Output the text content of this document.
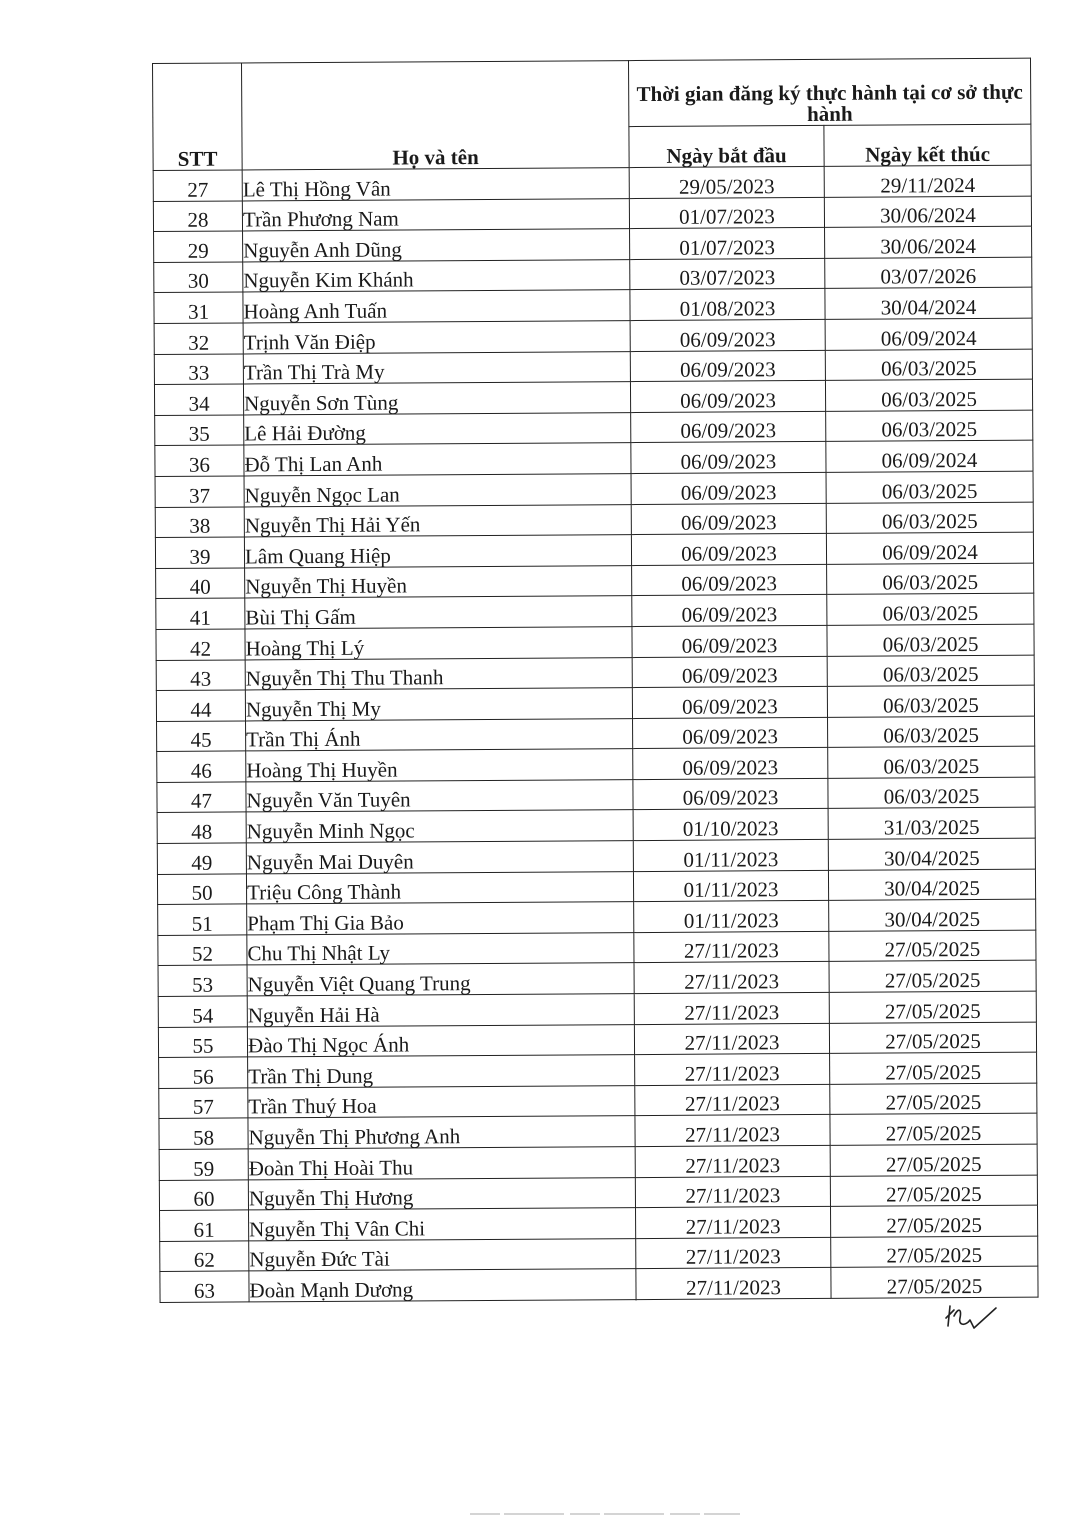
STT	Họ và tên	Thời gian đăng ký thực hành tại cơ sở thực hành	
		Ngày bắt đầu	Ngày kết thúc
27	Lê Thị Hồng Vân	29/05/2023	29/11/2024
28	Trần Phương Nam	01/07/2023	30/06/2024
29	Nguyễn Anh Dũng	01/07/2023	30/06/2024
30	Nguyễn Kim Khánh	03/07/2023	03/07/2026
31	Hoàng Anh Tuấn	01/08/2023	30/04/2024
32	Trịnh Văn Điệp	06/09/2023	06/09/2024
33	Trần Thị Trà My	06/09/2023	06/03/2025
34	Nguyễn Sơn Tùng	06/09/2023	06/03/2025
35	Lê Hải Đường	06/09/2023	06/03/2025
36	Đỗ Thị Lan Anh	06/09/2023	06/09/2024
37	Nguyễn Ngọc Lan	06/09/2023	06/03/2025
38	Nguyễn Thị Hải Yến	06/09/2023	06/03/2025
39	Lâm Quang Hiệp	06/09/2023	06/09/2024
40	Nguyễn Thị Huyền	06/09/2023	06/03/2025
41	Bùi Thị Gấm	06/09/2023	06/03/2025
42	Hoàng Thị Lý	06/09/2023	06/03/2025
43	Nguyễn Thị Thu Thanh	06/09/2023	06/03/2025
44	Nguyễn Thị My	06/09/2023	06/03/2025
45	Trần Thị Ánh	06/09/2023	06/03/2025
46	Hoàng Thị Huyền	06/09/2023	06/03/2025
47	Nguyễn Văn Tuyên	06/09/2023	06/03/2025
48	Nguyễn Minh Ngọc	01/10/2023	31/03/2025
49	Nguyễn Mai Duyên	01/11/2023	30/04/2025
50	Triệu Công Thành	01/11/2023	30/04/2025
51	Phạm Thị Gia Bảo	01/11/2023	30/04/2025
52	Chu Thị Nhật Ly	27/11/2023	27/05/2025
53	Nguyễn Việt Quang Trung	27/11/2023	27/05/2025
54	Nguyễn Hải Hà	27/11/2023	27/05/2025
55	Đào Thị Ngọc Ánh	27/11/2023	27/05/2025
56	Trần Thị Dung	27/11/2023	27/05/2025
57	Trần Thuý Hoa	27/11/2023	27/05/2025
58	Nguyễn Thị Phương Anh	27/11/2023	27/05/2025
59	Đoàn Thị Hoài Thu	27/11/2023	27/05/2025
60	Nguyễn Thị Hương	27/11/2023	27/05/2025
61	Nguyễn Thị Vân Chi	27/11/2023	27/05/2025
62	Nguyễn Đức Tài	27/11/2023	27/05/2025
63	Đoàn Mạnh Dương	27/11/2023	27/05/2025
